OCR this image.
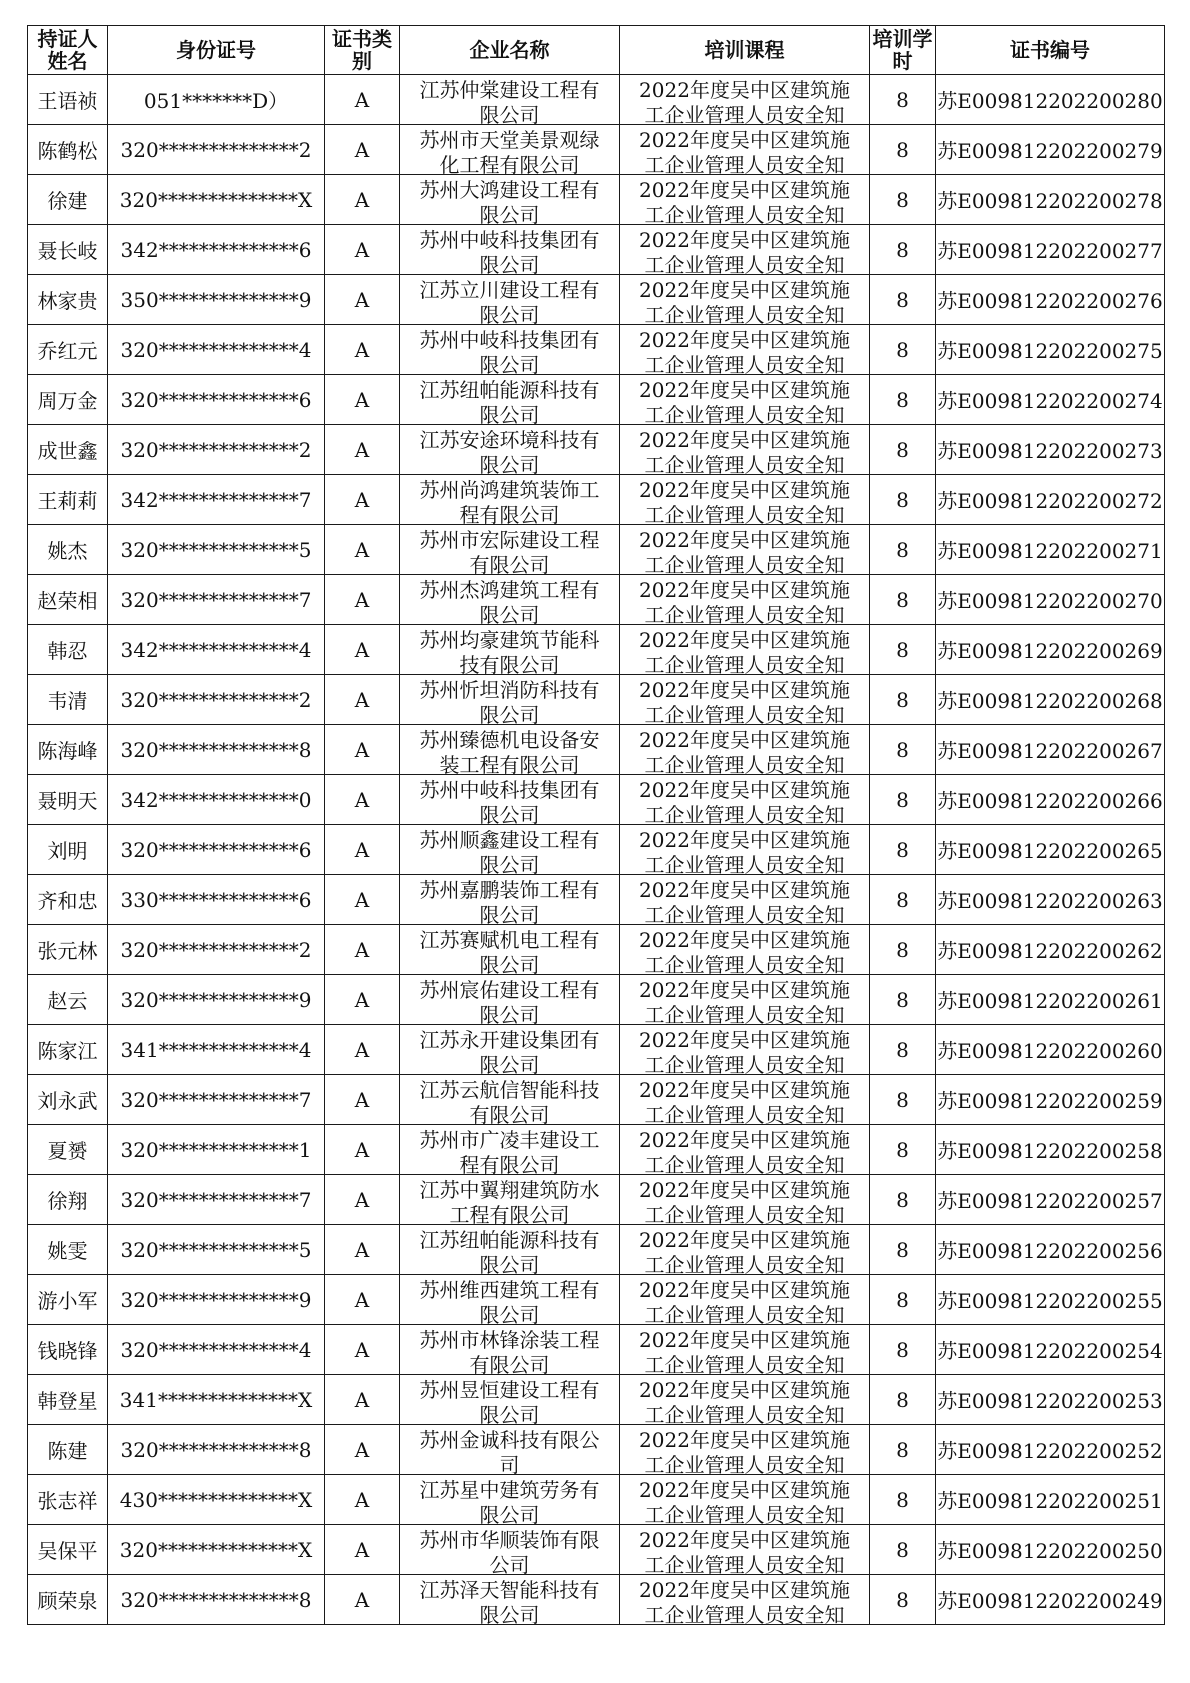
持证人姓名	身份证号	证书类别	企业名称	培训课程	培训学时	证书编号
王语祯	051*******D）	A	江苏仲棠建设工程有限公司	2022年度吴中区建筑施工企业管理人员安全知	8	苏E009812202200280
陈鹤松	320**************2	A	苏州市天堂美景观绿化工程有限公司	2022年度吴中区建筑施工企业管理人员安全知	8	苏E009812202200279
徐建	320**************X	A	苏州大鸿建设工程有限公司	2022年度吴中区建筑施工企业管理人员安全知	8	苏E009812202200278
聂长岐	342**************6	A	苏州中岐科技集团有限公司	2022年度吴中区建筑施工企业管理人员安全知	8	苏E009812202200277
林家贵	350**************9	A	江苏立川建设工程有限公司	2022年度吴中区建筑施工企业管理人员安全知	8	苏E009812202200276
乔红元	320**************4	A	苏州中岐科技集团有限公司	2022年度吴中区建筑施工企业管理人员安全知	8	苏E009812202200275
周万金	320**************6	A	江苏纽帕能源科技有限公司	2022年度吴中区建筑施工企业管理人员安全知	8	苏E009812202200274
成世鑫	320**************2	A	江苏安途环境科技有限公司	2022年度吴中区建筑施工企业管理人员安全知	8	苏E009812202200273
王莉莉	342**************7	A	苏州尚鸿建筑装饰工程有限公司	2022年度吴中区建筑施工企业管理人员安全知	8	苏E009812202200272
姚杰	320**************5	A	苏州市宏际建设工程有限公司	2022年度吴中区建筑施工企业管理人员安全知	8	苏E009812202200271
赵荣相	320**************7	A	苏州杰鸿建筑工程有限公司	2022年度吴中区建筑施工企业管理人员安全知	8	苏E009812202200270
韩忍	342**************4	A	苏州均豪建筑节能科技有限公司	2022年度吴中区建筑施工企业管理人员安全知	8	苏E009812202200269
韦清	320**************2	A	苏州忻坦消防科技有限公司	2022年度吴中区建筑施工企业管理人员安全知	8	苏E009812202200268
陈海峰	320**************8	A	苏州臻德机电设备安装工程有限公司	2022年度吴中区建筑施工企业管理人员安全知	8	苏E009812202200267
聂明天	342**************0	A	苏州中岐科技集团有限公司	2022年度吴中区建筑施工企业管理人员安全知	8	苏E009812202200266
刘明	320**************6	A	苏州顺鑫建设工程有限公司	2022年度吴中区建筑施工企业管理人员安全知	8	苏E009812202200265
齐和忠	330**************6	A	苏州嘉鹏装饰工程有限公司	2022年度吴中区建筑施工企业管理人员安全知	8	苏E009812202200263
张元林	320**************2	A	江苏赛赋机电工程有限公司	2022年度吴中区建筑施工企业管理人员安全知	8	苏E009812202200262
赵云	320**************9	A	苏州宸佑建设工程有限公司	2022年度吴中区建筑施工企业管理人员安全知	8	苏E009812202200261
陈家江	341**************4	A	江苏永开建设集团有限公司	2022年度吴中区建筑施工企业管理人员安全知	8	苏E009812202200260
刘永武	320**************7	A	江苏云航信智能科技有限公司	2022年度吴中区建筑施工企业管理人员安全知	8	苏E009812202200259
夏赟	320**************1	A	苏州市广凌丰建设工程有限公司	2022年度吴中区建筑施工企业管理人员安全知	8	苏E009812202200258
徐翔	320**************7	A	江苏中翼翔建筑防水工程有限公司	2022年度吴中区建筑施工企业管理人员安全知	8	苏E009812202200257
姚雯	320**************5	A	江苏纽帕能源科技有限公司	2022年度吴中区建筑施工企业管理人员安全知	8	苏E009812202200256
游小军	320**************9	A	苏州维西建筑工程有限公司	2022年度吴中区建筑施工企业管理人员安全知	8	苏E009812202200255
钱晓锋	320**************4	A	苏州市林锋涂装工程有限公司	2022年度吴中区建筑施工企业管理人员安全知	8	苏E009812202200254
韩登星	341**************X	A	苏州昱恒建设工程有限公司	2022年度吴中区建筑施工企业管理人员安全知	8	苏E009812202200253
陈建	320**************8	A	苏州金诚科技有限公司	2022年度吴中区建筑施工企业管理人员安全知	8	苏E009812202200252
张志祥	430**************X	A	江苏星中建筑劳务有限公司	2022年度吴中区建筑施工企业管理人员安全知	8	苏E009812202200251
吴保平	320**************X	A	苏州市华顺装饰有限公司	2022年度吴中区建筑施工企业管理人员安全知	8	苏E009812202200250
顾荣泉	320**************8	A	江苏泽天智能科技有限公司	2022年度吴中区建筑施工企业管理人员安全知	8	苏E009812202200249
